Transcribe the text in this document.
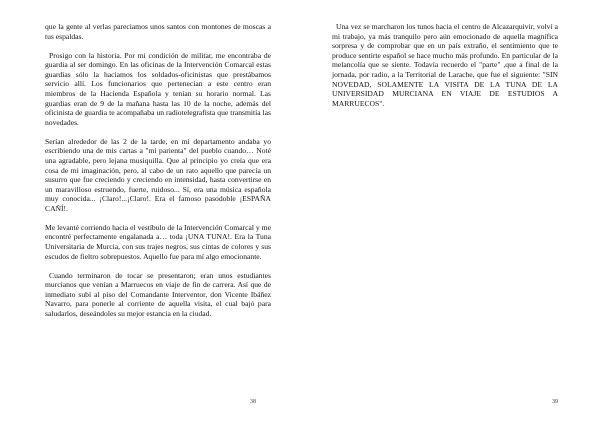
que la gente al verlas pareciamos unos santos con montones de moscas a tus espaldas.

Prosigo con la historia. Por mi condición de militar, me encontraba de guardia al ser domingo. En las oficinas de la Intervención Comarcal estas guardias sólo la haciamos los soldados-oficinistas que prestábamos servicio allí. Los funcionarios que pertenecían a este centro eran miembros de la Hacienda Española y tenían su horario normal. Las guardias eran de 9 de la mañana hasta las 10 de la noche, además del oficinista de guardia te acompañaba un radiotelegrafista que transmitía las novedades.

Serían alrededor de las 2 de la tarde, en mi departamento andaba yo escribiendo una de mis cartas a "mi parienta" del pueblo cuando… Noté una agradable, pero lejana musiquilla. Que al principio yo creía que era cosa de mi imaginación, pero, al cabo de un rato aquello que parecía un susurro que fue creciendo y creciendo en intensidad, hasta convertirse en un maravilloso estruendo, fuerte, ruidoso... Sí, era una música española muy conocida... ¡Claro!...¡Claro!. Era el famoso pasodoble ¡ESPAÑA CAÑÍ!.

Me levanté corriendo hacia el vestíbulo de la Intervención Comarcal y me encontré perfectamente engalanada a… toda ¡UNA TUNA!. Era la Tuna Universitaria de Murcia, con sus trajes negros, sus cintas de colores y sus escudos de fieltro sobrepuestos. Aquello fue para mí algo emocionante.

Cuando terminaron de tocar se presentaron; eran unos estudiantes murcianos que venían a Marruecos en viaje de fin de carrera. Así que de inmediato subí al piso del Comandante Interventor, don Vicente Ibáñez Navarro, para ponerle al corriente de aquella visita, el cual bajó para saludarlos, deseándoles su mejor estancia en la ciudad.

38

Una vez se marcharon los tunos hacia el centro de Alcazarquivir, volví a mi trabajo, ya más tranquilo pero aún emocionado de aquella magnífica sorpresa y de comprobar que en un país extraño, el sentimiento que te produce sentirte español se hace mucho más profundo. En particular de la melancolía que se siente. Todavía recuerdo el "parte" ,que a final de la jornada, por radio, a la Territorial de Larache, que fue el siguiente: "SIN NOVEDAD, SOLAMENTE LA VISITA DE LA TUNA DE LA UNIVERSIDAD MURCIANA EN VIAJE DE ESTUDIOS A MARRUECOS".

39
